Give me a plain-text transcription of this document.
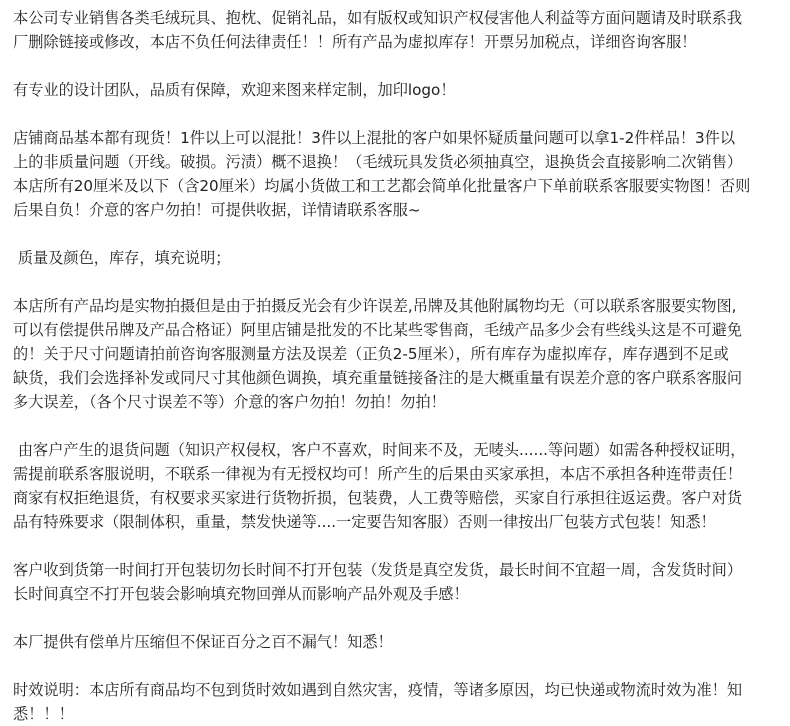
本公司专业销售各类毛绒玩具、抱枕、促销礼品，如有版权或知识产权侵害他人利益等方面问题请及时联系我
厂删除链接或修改，本店不负任何法律责任！！所有产品为虚拟库存！开票另加税点，详细咨询客服！
有专业的设计团队，品质有保障，欢迎来图来样定制，加印logo！
店铺商品基本都有现货！1件以上可以混批！3件以上混批的客户如果怀疑质量问题可以拿1-2件样品！3件以
上的非质量问题（开线。破损。污渍）概不退换！（毛绒玩具发货必须抽真空，退换货会直接影响二次销售）
本店所有20厘米及以下（含20厘米）均属小货做工和工艺都会简单化批量客户下单前联系客服要实物图！否则
后果自负！介意的客户勿拍！可提供收据，详情请联系客服~
质量及颜色，库存，填充说明；
本店所有产品均是实物拍摄但是由于拍摄反光会有少许误差,吊牌及其他附属物均无（可以联系客服要实物图,
可以有偿提供吊牌及产品合格证）阿里店铺是批发的不比某些零售商，毛绒产品多少会有些线头这是不可避免
的！关于尺寸问题请拍前咨询客服测量方法及误差（正负2-5厘米），所有库存为虚拟库存，库存遇到不足或
缺货，我们会选择补发或同尺寸其他颜色调换，填充重量链接备注的是大概重量有误差介意的客户联系客服问
多大误差，（各个尺寸误差不等）介意的客户勿拍！勿拍！勿拍！
由客户产生的退货问题（知识产权侵权，客户不喜欢，时间来不及，无唛头......等问题）如需各种授权证明，
需提前联系客服说明，不联系一律视为有无授权均可！所产生的后果由买家承担，本店不承担各种连带责任！
商家有权拒绝退货，有权要求买家进行货物折损，包装费，人工费等赔偿，买家自行承担往返运费。客户对货
品有特殊要求（限制体积，重量，禁发快递等....一定要告知客服）否则一律按出厂包装方式包装！知悉！
客户收到货第一时间打开包装切勿长时间不打开包装（发货是真空发货，最长时间不宜超一周，含发货时间）
长时间真空不打开包装会影响填充物回弹从而影响产品外观及手感！
本厂提供有偿单片压缩但不保证百分之百不漏气！知悉！
时效说明：本店所有商品均不包到货时效如遇到自然灾害，疫情，等诸多原因，均已快递或物流时效为准！知
悉！！！
